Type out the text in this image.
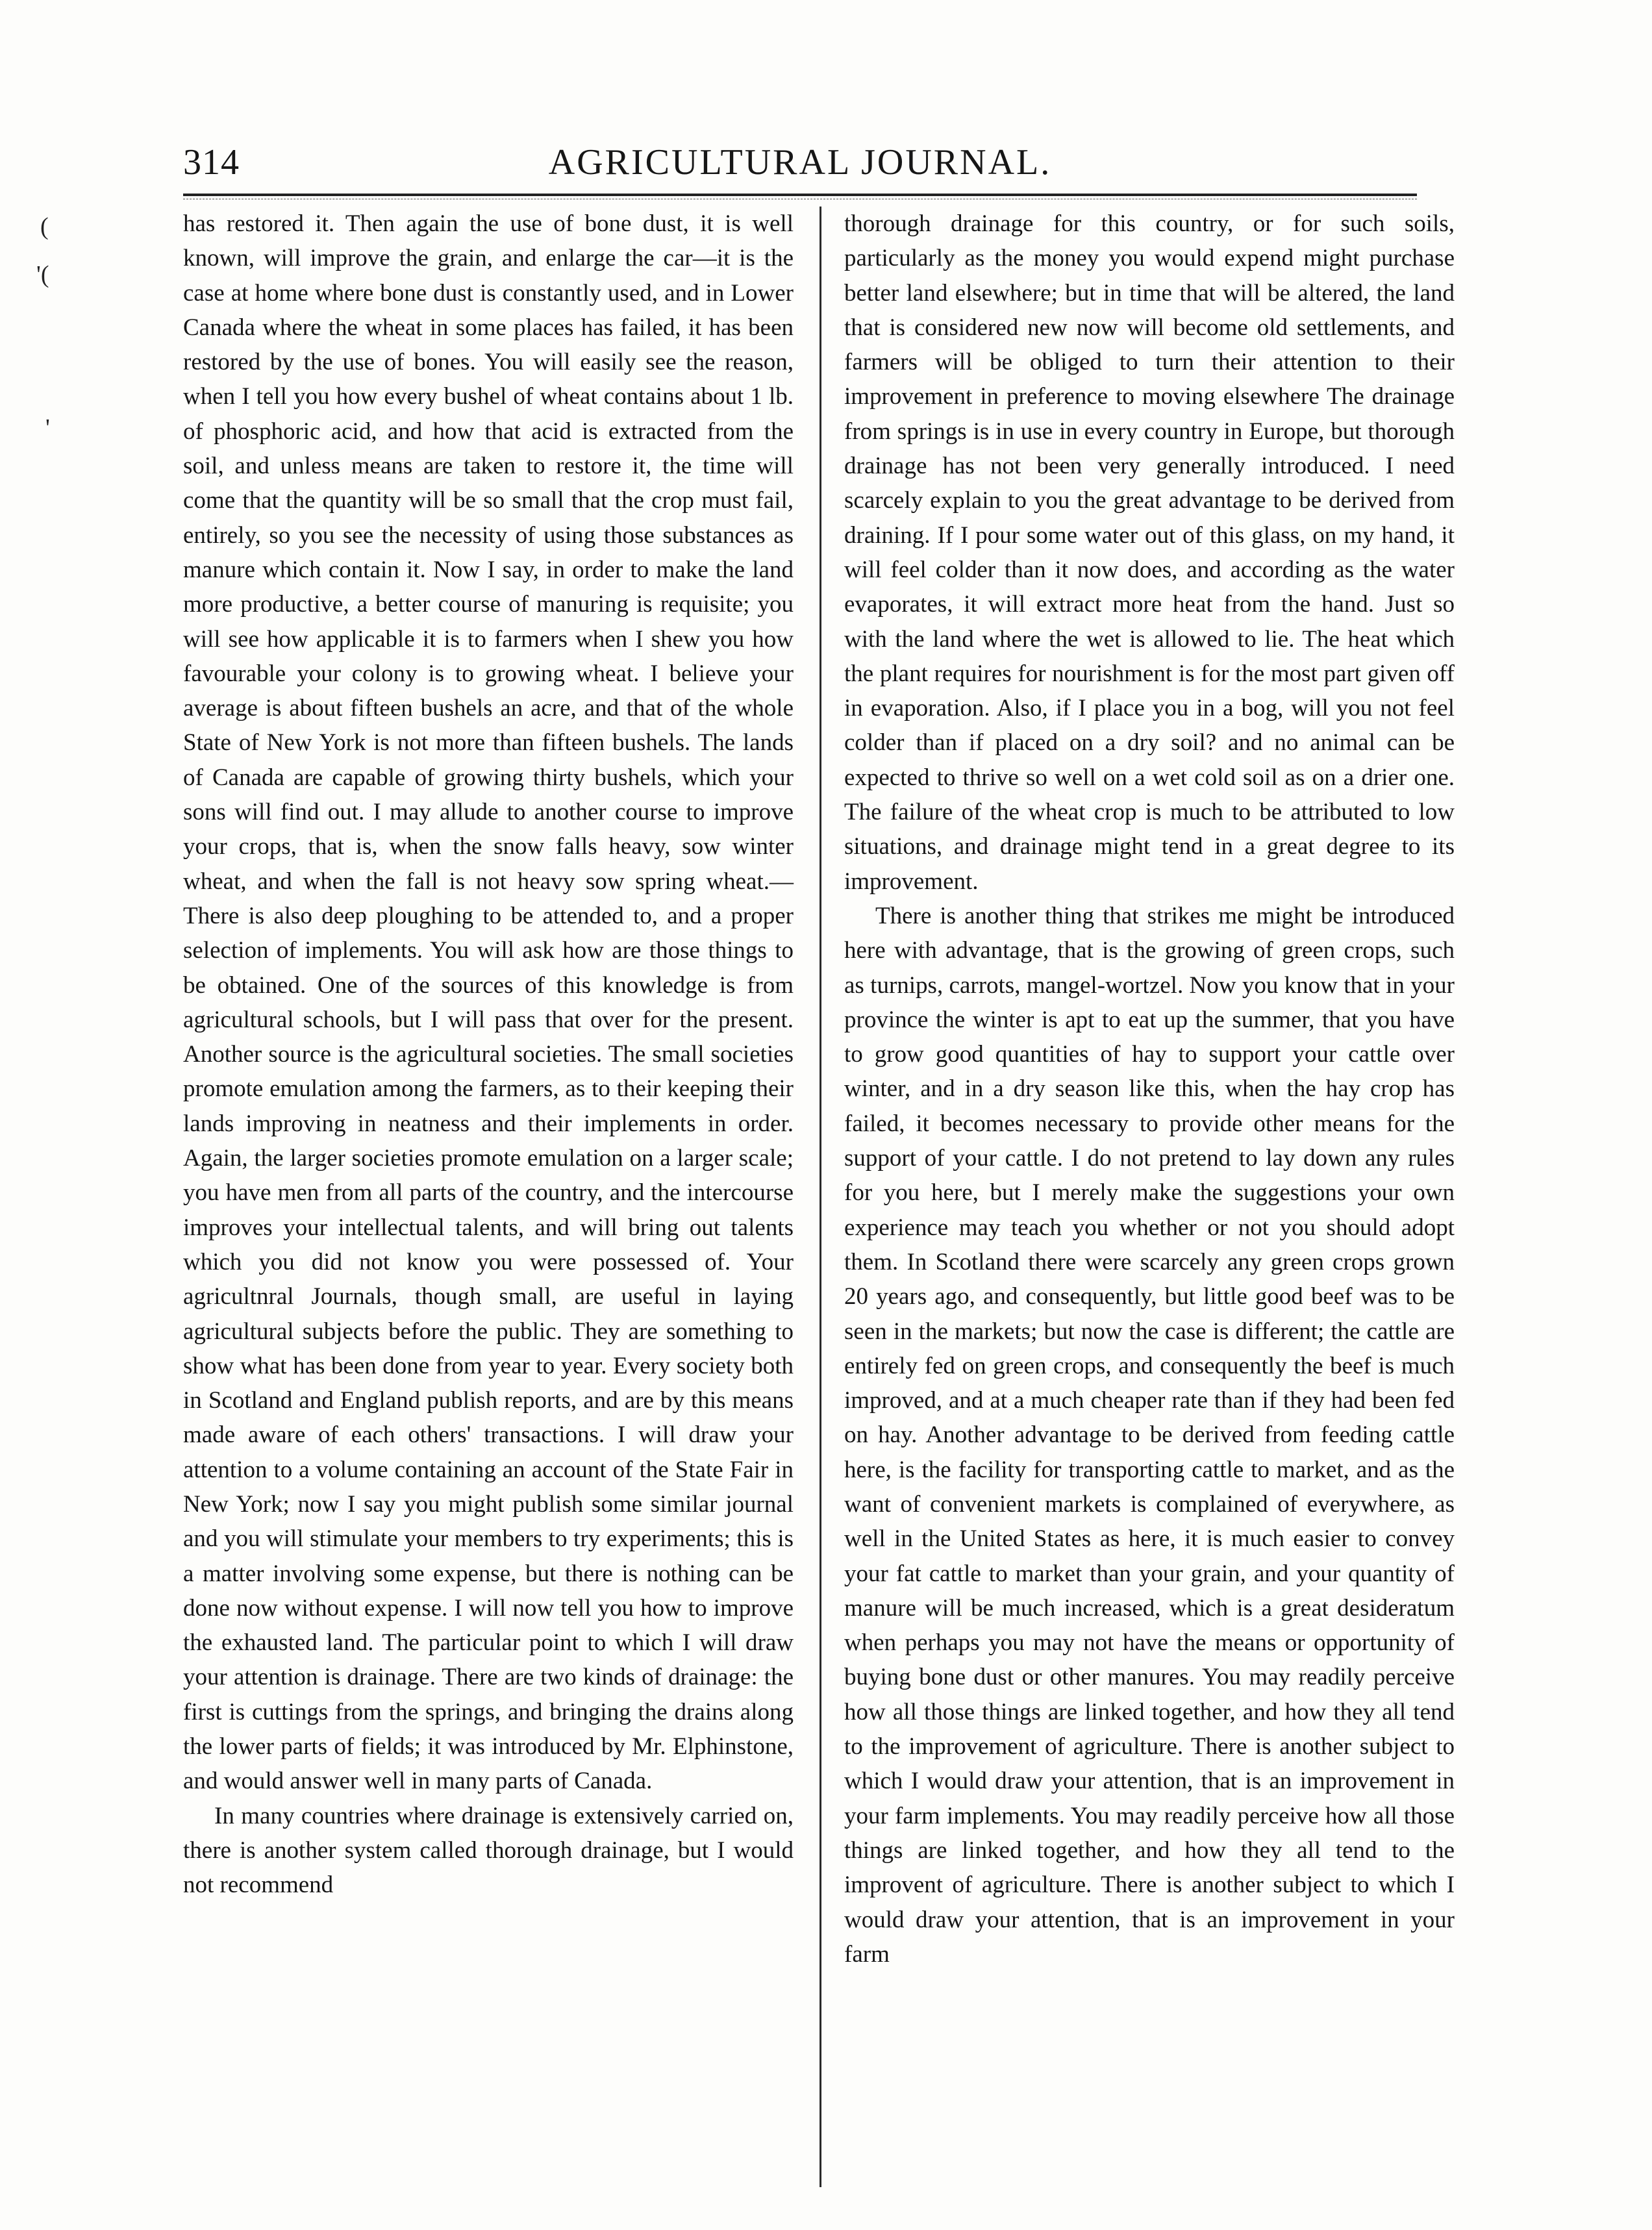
314	AGRICULTURAL JOURNAL.
(
'(
'

has restored it. Then again the use of bone dust, it is well known, will improve the grain, and enlarge the car—it is the case at home where bone dust is constantly used, and in Lower Canada where the wheat in some places has failed, it has been restored by the use of bones. You will easily see the reason, when I tell you how every bushel of wheat contains about 1 lb. of phosphoric acid, and how that acid is extracted from the soil, and unless means are taken to restore it, the time will come that the quantity will be so small that the crop must fail, entirely, so you see the necessity of using those substances as manure which contain it. Now I say, in order to make the land more productive, a better course of manuring is requisite; you will see how applicable it is to farmers when I shew you how favourable your colony is to growing wheat. I believe your average is about fifteen bushels an acre, and that of the whole State of New York is not more than fifteen bushels. The lands of Canada are capable of growing thirty bushels, which your sons will find out. I may allude to another course to improve your crops, that is, when the snow falls heavy, sow winter wheat, and when the fall is not heavy sow spring wheat.—There is also deep ploughing to be attended to, and a proper selection of implements. You will ask how are those things to be obtained. One of the sources of this knowledge is from agricultural schools, but I will pass that over for the present. Another source is the agricultural societies. The small societies promote emulation among the farmers, as to their keeping their lands improving in neatness and their implements in order. Again, the larger societies promote emulation on a larger scale; you have men from all parts of the country, and the intercourse improves your intellectual talents, and will bring out talents which you did not know you were possessed of. Your agricultnral Journals, though small, are useful in laying agricultural subjects before the public. They are something to show what has been done from year to year. Every society both in Scotland and England publish reports, and are by this means made aware of each others' transactions. I will draw your attention to a volume containing an account of the State Fair in New York; now I say you might publish some similar journal and you will stimulate your members to try experiments; this is a matter involving some expense, but there is nothing can be done now without expense. I will now tell you how to improve the exhausted land. The particular point to which I will draw your attention is drainage. There are two kinds of drainage: the first is cuttings from the springs, and bringing the drains along the lower parts of fields; it was introduced by Mr. Elphinstone, and would answer well in many parts of Canada.

In many countries where drainage is extensively carried on, there is another system called thorough drainage, but I would not recommend

thorough drainage for this country, or for such soils, particularly as the money you would expend might purchase better land elsewhere; but in time that will be altered, the land that is considered new now will become old settlements, and farmers will be obliged to turn their attention to their improvement in preference to moving elsewhere The drainage from springs is in use in every country in Europe, but thorough drainage has not been very generally introduced. I need scarcely explain to you the great advantage to be derived from draining. If I pour some water out of this glass, on my hand, it will feel colder than it now does, and according as the water evaporates, it will extract more heat from the hand. Just so with the land where the wet is allowed to lie. The heat which the plant requires for nourishment is for the most part given off in evaporation. Also, if I place you in a bog, will you not feel colder than if placed on a dry soil? and no animal can be expected to thrive so well on a wet cold soil as on a drier one. The failure of the wheat crop is much to be attributed to low situations, and drainage might tend in a great degree to its improvement.

There is another thing that strikes me might be introduced here with advantage, that is the growing of green crops, such as turnips, carrots, mangel-wortzel. Now you know that in your province the winter is apt to eat up the summer, that you have to grow good quantities of hay to support your cattle over winter, and in a dry season like this, when the hay crop has failed, it becomes necessary to provide other means for the support of your cattle. I do not pretend to lay down any rules for you here, but I merely make the suggestions your own experience may teach you whether or not you should adopt them. In Scotland there were scarcely any green crops grown 20 years ago, and consequently, but little good beef was to be seen in the markets; but now the case is different; the cattle are entirely fed on green crops, and consequently the beef is much improved, and at a much cheaper rate than if they had been fed on hay. Another advantage to be derived from feeding cattle here, is the facility for transporting cattle to market, and as the want of convenient markets is complained of everywhere, as well in the United States as here, it is much easier to convey your fat cattle to market than your grain, and your quantity of manure will be much increased, which is a great desideratum when perhaps you may not have the means or opportunity of buying bone dust or other manures. You may readily perceive how all those things are linked together, and how they all tend to the improvement of agriculture. There is another subject to which I would draw your attention, that is an improvement in your farm implements. You may readily perceive how all those things are linked together, and how they all tend to the improvent of agriculture. There is another subject to which I would draw your attention, that is an improvement in your farm
